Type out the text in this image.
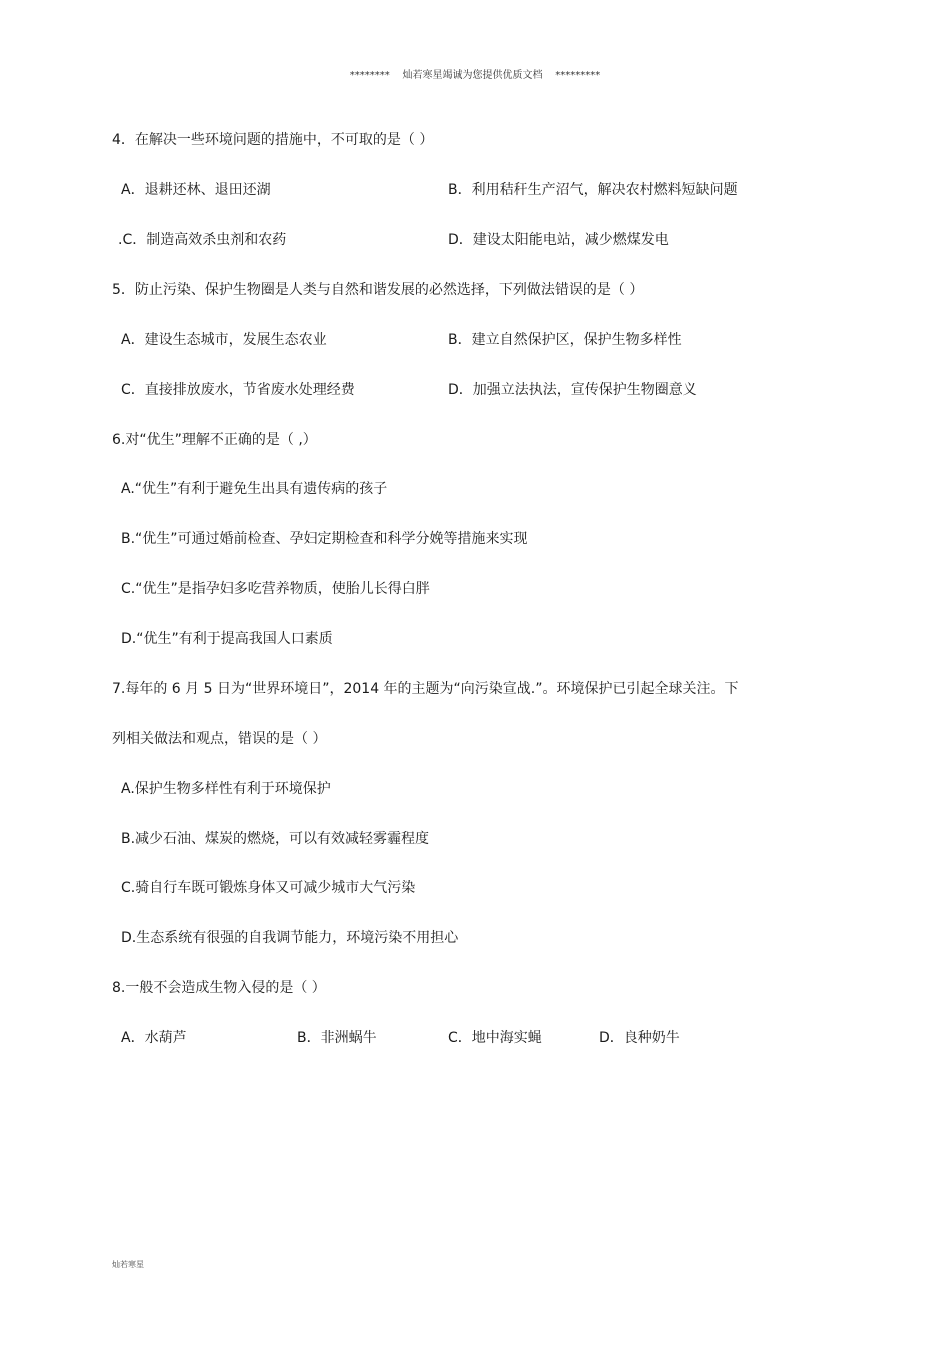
********    灿若寒星竭诚为您提供优质文档    *********
4．在解决一些环境问题的措施中，不可取的是（ ）
A．退耕还林、退田还湖	B．利用秸秆生产沼气，解决农村燃料短缺问题
.C．制造高效杀虫剂和农药	D．建设太阳能电站，减少燃煤发电
5．防止污染、保护生物圈是人类与自然和谐发展的必然选择，下列做法错误的是（ ）
A．建设生态城市，发展生态农业	B．建立自然保护区，保护生物多样性
C．直接排放废水，节省废水处理经费	D．加强立法执法，宣传保护生物圈意义
6.对“优生”理解不正确的是（ ,）
A.“优生”有利于避免生出具有遗传病的孩子
B.“优生”可通过婚前检查、孕妇定期检查和科学分娩等措施来实现
C.“优生”是指孕妇多吃营养物质，使胎儿长得白胖
D.“优生”有利于提高我国人口素质
7.每年的 6 月 5 日为“世界环境日”，2014 年的主题为“向污染宣战.”。环境保护已引起全球关注。下
列相关做法和观点，错误的是（ ）
A.保护生物多样性有利于环境保护
B.减少石油、煤炭的燃烧，可以有效减轻雾霾程度
C.骑自行车既可锻炼身体又可减少城市大气污染
D.生态系统有很强的自我调节能力，环境污染不用担心
8.一般不会造成生物入侵的是（ ）
A．水葫芦	B．非洲蜗牛	C．地中海实蝇	D．良种奶牛
灿若寒星
